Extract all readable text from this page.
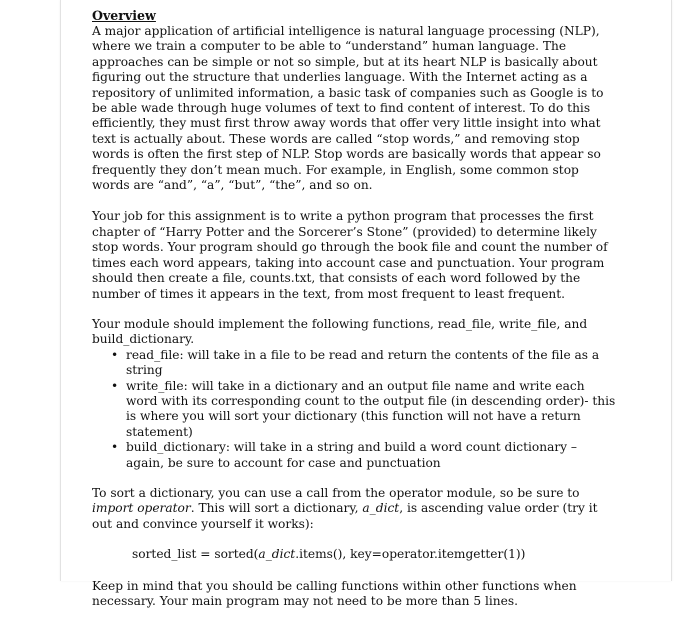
Overview

A major application of artificial intelligence is natural language processing (NLP), where we train a computer to be able to “understand” human language. The approaches can be simple or not so simple, but at its heart NLP is basically about figuring out the structure that underlies language. With the Internet acting as a repository of unlimited information, a basic task of companies such as Google is to be able wade through huge volumes of text to find content of interest. To do this efficiently, they must first throw away words that offer very little insight into what text is actually about. These words are called “stop words,” and removing stop words is often the first step of NLP. Stop words are basically words that appear so frequently they don’t mean much. For example, in English, some common stop words are “and”, “a”, “but”, “the”, and so on.

Your job for this assignment is to write a python program that processes the first chapter of “Harry Potter and the Sorcerer’s Stone” (provided) to determine likely stop words. Your program should go through the book file and count the number of times each word appears, taking into account case and punctuation. Your program should then create a file, counts.txt, that consists of each word followed by the number of times it appears in the text, from most frequent to least frequent.

Your module should implement the following functions, read_file, write_file, and build_dictionary.

• read_file: will take in a file to be read and return the contents of the file as a string
• write_file: will take in a dictionary and an output file name and write each word with its corresponding count to the output file (in descending order)- this is where you will sort your dictionary (this function will not have a return statement)
• build_dictionary: will take in a string and build a word count dictionary – again, be sure to account for case and punctuation

To sort a dictionary, you can use a call from the operator module, so be sure to import operator. This will sort a dictionary, a_dict, is ascending value order (try it out and convince yourself it works):

sorted_list = sorted(a_dict.items(), key=operator.itemgetter(1))

Keep in mind that you should be calling functions within other functions when necessary. Your main program may not need to be more than 5 lines.
